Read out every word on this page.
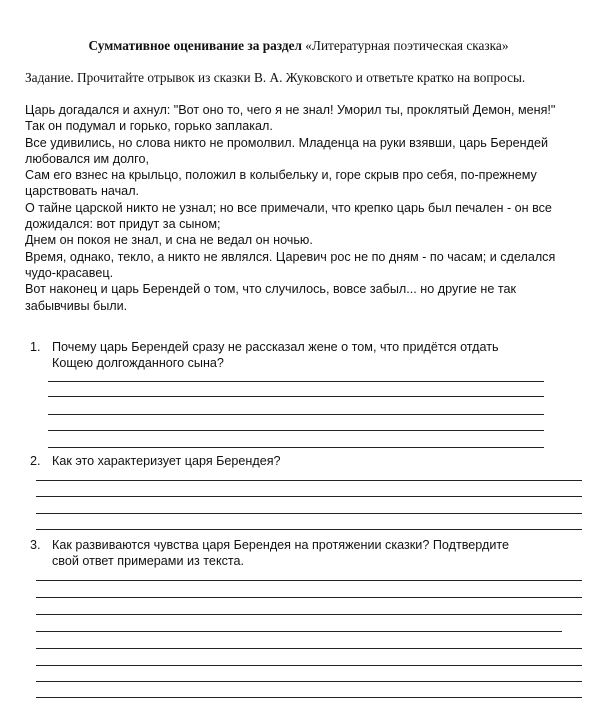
Суммативное оценивание за раздел «Литературная поэтическая сказка»
Задание. Прочитайте отрывок из сказки В. А. Жуковского и ответьте кратко на вопросы.
Царь догадался и ахнул: "Вот оно то, чего я не знал! Уморил ты, проклятый Демон, меня!"
Так он подумал и горько, горько заплакал.
Все удивились, но слова никто не промолвил. Младенца на руки взявши, царь Берендей
любовался им долго,
Сам его взнес на крыльцо, положил в колыбельку и, горе скрыв про себя, по-прежнему
царствовать начал.
О тайне царской никто не узнал; но все примечали, что крепко царь был печален - он все
дожидался: вот придут за сыном;
Днем он покоя не знал, и сна не ведал он ночью.
Время, однако, текло, а никто не являлся. Царевич рос не по дням - по часам; и сделался
чудо-красавец.
Вот наконец и царь Берендей о том, что случилось, вовсе забыл... но другие не так
забывчивы были.
1. Почему царь Берендей сразу не рассказал жене о том, что придётся отдать
Кощею долгожданного сына?
2. Как это характеризует царя Берендея?
3. Как развиваются чувства царя Берендея на протяжении сказки? Подтвердите
свой ответ примерами из текста.
